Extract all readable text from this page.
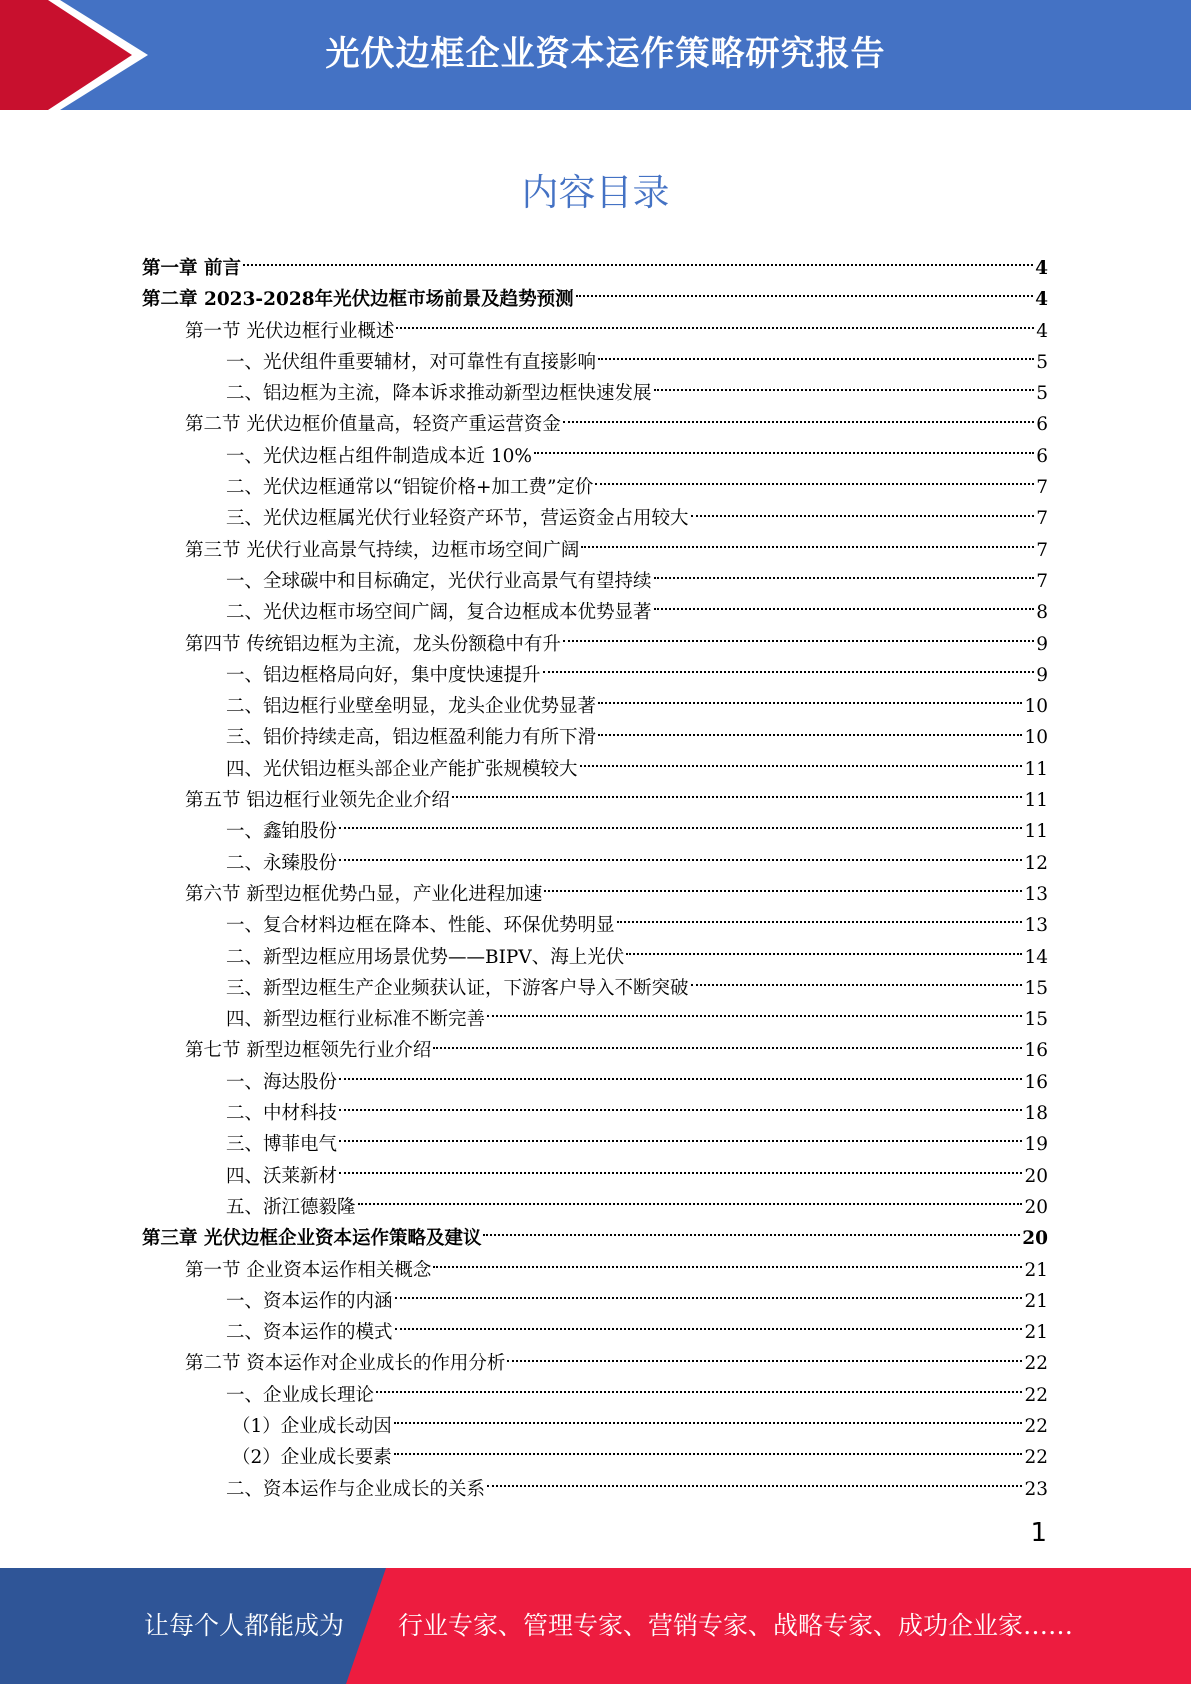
光伏边框企业资本运作策略研究报告
内容目录
第一章 前言	4
第二章 2023-2028年光伏边框市场前景及趋势预测	4
第一节 光伏边框行业概述	4
一、光伏组件重要辅材，对可靠性有直接影响	5
二、铝边框为主流，降本诉求推动新型边框快速发展	5
第二节 光伏边框价值量高，轻资产重运营资金	6
一、光伏边框占组件制造成本近 10%	6
二、光伏边框通常以“铝锭价格+加工费”定价	7
三、光伏边框属光伏行业轻资产环节，营运资金占用较大	7
第三节 光伏行业高景气持续，边框市场空间广阔	7
一、全球碳中和目标确定，光伏行业高景气有望持续	7
二、光伏边框市场空间广阔，复合边框成本优势显著	8
第四节 传统铝边框为主流，龙头份额稳中有升	9
一、铝边框格局向好，集中度快速提升	9
二、铝边框行业壁垒明显，龙头企业优势显著	10
三、铝价持续走高，铝边框盈利能力有所下滑	10
四、光伏铝边框头部企业产能扩张规模较大	11
第五节 铝边框行业领先企业介绍	11
一、鑫铂股份	11
二、永臻股份	12
第六节 新型边框优势凸显，产业化进程加速	13
一、复合材料边框在降本、性能、环保优势明显	13
二、新型边框应用场景优势——BIPV、海上光伏	14
三、新型边框生产企业频获认证，下游客户导入不断突破	15
四、新型边框行业标准不断完善	15
第七节 新型边框领先行业介绍	16
一、海达股份	16
二、中材科技	18
三、博菲电气	19
四、沃莱新材	20
五、浙江德毅隆	20
第三章 光伏边框企业资本运作策略及建议	20
第一节 企业资本运作相关概念	21
一、资本运作的内涵	21
二、资本运作的模式	21
第二节 资本运作对企业成长的作用分析	22
一、企业成长理论	22
（1）企业成长动因	22
（2）企业成长要素	22
二、资本运作与企业成长的关系	23
1
让每个人都能成为 行业专家、管理专家、营销专家、战略专家、成功企业家……
